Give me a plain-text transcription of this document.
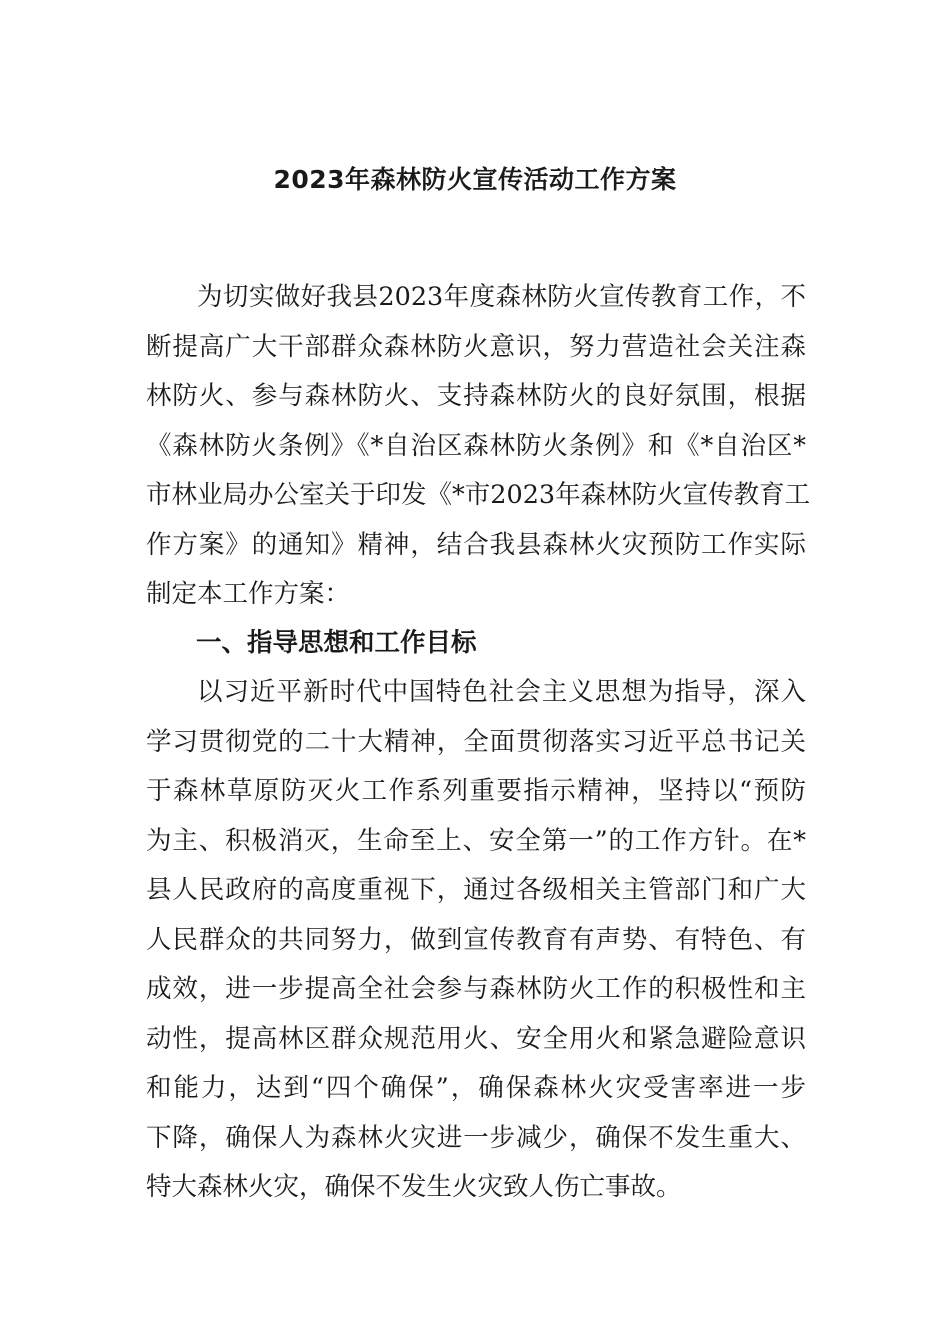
2023年森林防火宣传活动工作方案
为切实做好我县2023年度森林防火宣传教育工作，不
断提高广大干部群众森林防火意识，努力营造社会关注森
林防火、参与森林防火、支持森林防火的良好氛围，根据
《森林防火条例》《*自治区森林防火条例》和《*自治区*
市林业局办公室关于印发《*市2023年森林防火宣传教育工
作方案》的通知》精神，结合我县森林火灾预防工作实际
制定本工作方案：
一、指导思想和工作目标
以习近平新时代中国特色社会主义思想为指导，深入
学习贯彻党的二十大精神，全面贯彻落实习近平总书记关
于森林草原防灭火工作系列重要指示精神，坚持以“预防
为主、积极消灭，生命至上、安全第一”的工作方针。在*
县人民政府的高度重视下，通过各级相关主管部门和广大
人民群众的共同努力，做到宣传教育有声势、有特色、有
成效，进一步提高全社会参与森林防火工作的积极性和主
动性，提高林区群众规范用火、安全用火和紧急避险意识
和能力，达到“四个确保”，确保森林火灾受害率进一步
下降，确保人为森林火灾进一步减少，确保不发生重大、
特大森林火灾，确保不发生火灾致人伤亡事故。
